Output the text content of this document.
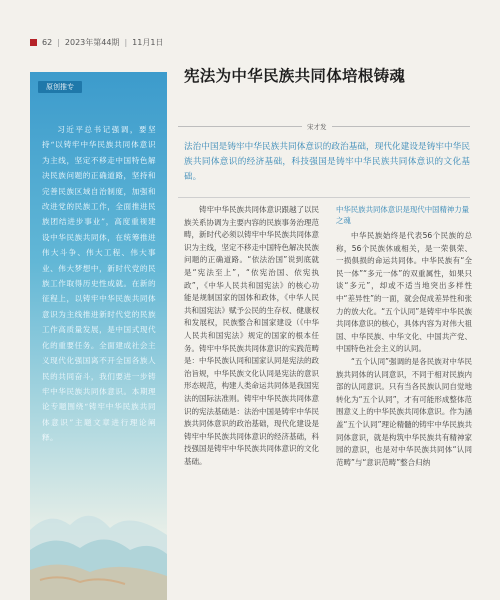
62 | 2023年第44期 | 11月1日
原创推专
习近平总书记强调，要坚持“以铸牢中华民族共同体意识为主线，坚定不移走中国特色解决民族问题的正确道路，坚持和完善民族区域自治制度，加强和改进党的民族工作，全面推进民族团结进步事业”，高度重视建设中华民族共同体，在统筹推进伟大斗争、伟大工程、伟大事业、伟大梦想中，新时代党的民族工作取得历史性成就。在新的征程上，以铸牢中华民族共同体意识为主线推进新时代党的民族工作高质量发展，是中国式现代化的重要任务。全面建成社会主义现代化强国离不开全国各族人民的共同奋斗，我们要进一步铸牢中华民族共同体意识。本期理论专题围绕“铸牢中华民族共同体意识”主题文章进行理论阐释。
宪法为中华民族共同体培根铸魂
宋才发
法治中国是铸牢中华民族共同体意识的政治基础，现代化建设是铸牢中华民族共同体意识的经济基础，科技强国是铸牢中华民族共同体意识的文化基础。

铸牢中华民族共同体意识跟越了以民族关系协调为主要内容的民族事务治理范畴，新时代必须以铸牢中华民族共同体意识为主线，坚定不移走中国特色解决民族问题的正确道路。“依法治国”说到底就是“宪法至上”，“依宪治国、依宪执政”，《中华人民共和国宪法》的核心功能是规制国家的国体和政体，《中华人民共和国宪法》赋予公民的生存权、健康权和发展权，民族整合和国家建设（《中华人民共和国宪法》规定的国家的根本任务。铸牢中华民族共同体意识的实践范畴是：中华民族认同和国家认同是宪法的政治旨规，中华民族文化认同是宪法的意识形态规范，构建人类命运共同体是我国宪法的国际法准则。铸牢中华民族共同体意识的宪法基础是：法治中国是铸牢中华民族共同体意识的政治基础，现代化建设是铸牢中华民族共同体意识的经济基础，科技强国是铸牢中华民族共同体意识的文化基础。

中华民族共同体意识是现代中国精神力量之魂

中华民族始终是代表56个民族的总称，56个民族休戚相关，是一荣俱荣、一损俱损的命运共同体。中华民族有“全民一体”“多元一体”的双重属性，如果只谈“多元”，却或不适当地突出多样性中“差异性”的一面，就会促成差异性和张力的放大化。“五个认同”是铸牢中华民族共同体意识的核心，具体内容为对伟大祖国、中华民族、中华文化、中国共产党、中国特色社会主义的认同。

“五个认同”强调的是各民族对中华民族共同体的认同意识，不同于相对民族内部的认同意识。只有当各民族认同自觉地转化为“五个认同”，才有可能形成整体范围意义上的中华民族共同体意识。作为涵盖“五个认同”理论精髓的铸牢中华民族共同体意识，就是构筑中华民族共有精神家园的意识，也是对中华民族共同体“认同范畴”与“意识范畴”整合归纳
